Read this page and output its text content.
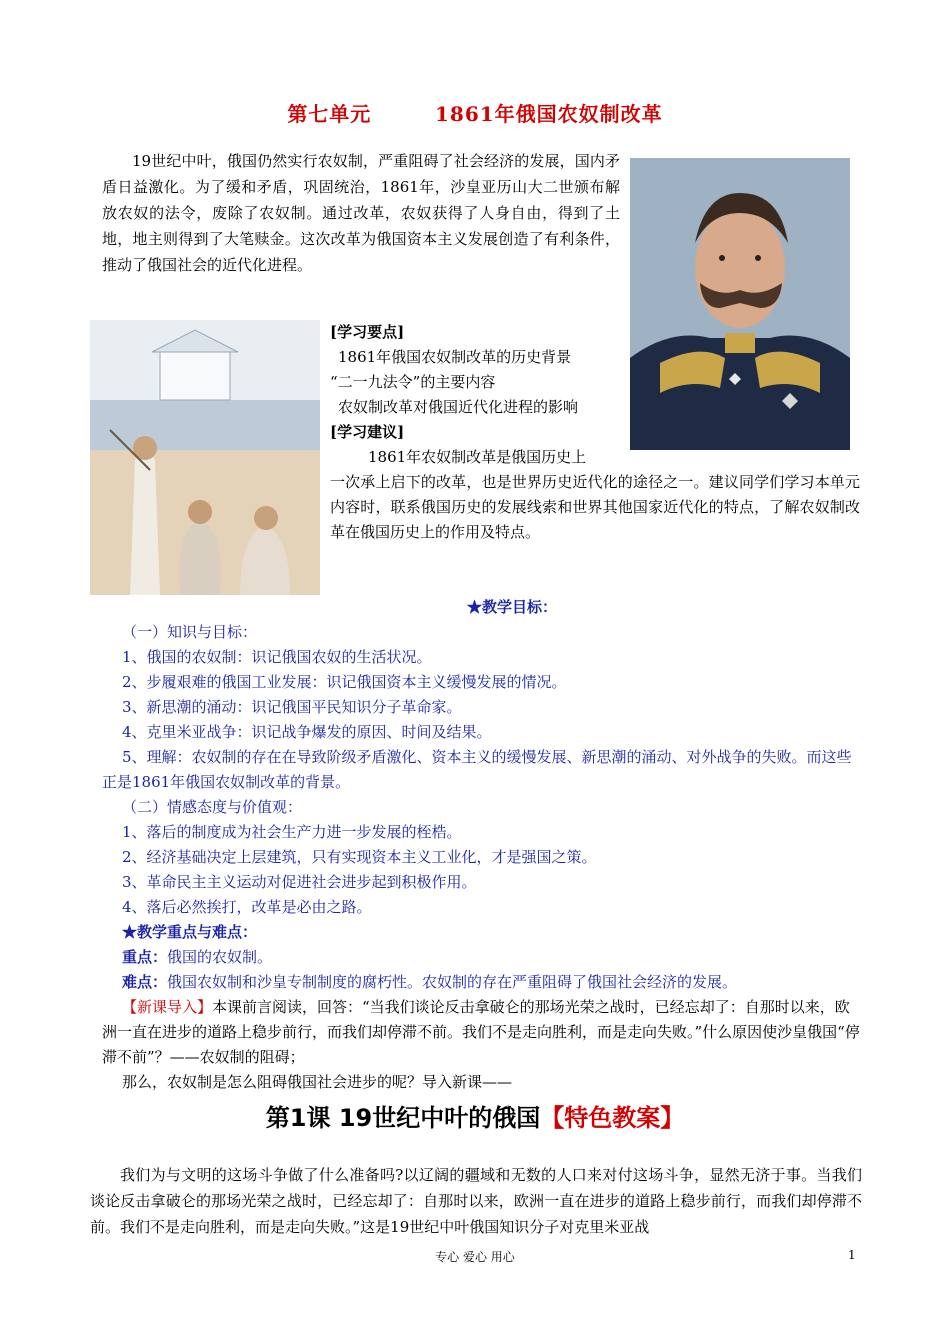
第七单元        1861年俄国农奴制改革

19世纪中叶，俄国仍然实行农奴制，严重阻碍了社会经济的发展，国内矛盾日益激化。为了缓和矛盾，巩固统治，1861年，沙皇亚历山大二世颁布解放农奴的法令，废除了农奴制。通过改革，农奴获得了人身自由，得到了土地，地主则得到了大笔赎金。这次改革为俄国资本主义发展创造了有利条件，推动了俄国社会的近代化进程。

[学习要点]
1861年俄国农奴制改革的历史背景
“二一九法令”的主要内容
农奴制改革对俄国近代化进程的影响
[学习建议]
1861年农奴制改革是俄国历史上
一次承上启下的改革，也是世界历史近代化的途径之一。建议同学们学习本单元内容时，联系俄国历史的发展线索和世界其他国家近代化的特点，了解农奴制改革在俄国历史上的作用及特点。
★教学目标：
（一）知识与目标：
1、俄国的农奴制：识记俄国农奴的生活状况。
2、步履艰难的俄国工业发展：识记俄国资本主义缓慢发展的情况。
3、新思潮的涌动：识记俄国平民知识分子革命家。
4、克里米亚战争：识记战争爆发的原因、时间及结果。
5、理解：农奴制的存在在导致阶级矛盾激化、资本主义的缓慢发展、新思潮的涌动、对外战争的失败。而这些正是1861年俄国农奴制改革的背景。
（二）情感态度与价值观：
1、落后的制度成为社会生产力进一步发展的桎梏。
2、经济基础决定上层建筑，只有实现资本主义工业化，才是强国之策。
3、革命民主主义运动对促进社会进步起到积极作用。
4、落后必然挨打，改革是必由之路。
★教学重点与难点：
重点：俄国的农奴制。
难点：俄国农奴制和沙皇专制制度的腐朽性。农奴制的存在严重阻碍了俄国社会经济的发展。
【新课导入】本课前言阅读，回答：“当我们谈论反击拿破仑的那场光荣之战时，已经忘却了：自那时以来，欧洲一直在进步的道路上稳步前行，而我们却停滞不前。我们不是走向胜利，而是走向失败。”什么原因使沙皇俄国“停滞不前”？——农奴制的阻碍；
那么，农奴制是怎么阻碍俄国社会进步的呢？导入新课——
第1课 19世纪中叶的俄国【特色教案】

我们为与文明的这场斗争做了什么准备吗?以辽阔的疆域和无数的人口来对付这场斗争，显然无济于事。当我们谈论反击拿破仑的那场光荣之战时，已经忘却了：自那时以来，欧洲一直在进步的道路上稳步前行，而我们却停滞不前。我们不是走向胜利，而是走向失败。”这是19世纪中叶俄国知识分子对克里米亚战

专心 爱心 用心	1
